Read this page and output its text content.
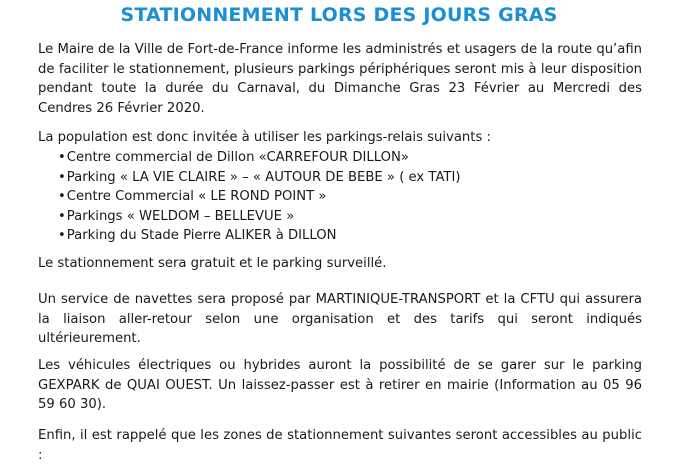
STATIONNEMENT LORS DES JOURS GRAS

Le Maire de la Ville de Fort-de-France informe les administrés et usagers de la route qu’afin de faciliter le stationnement, plusieurs parkings périphériques seront mis à leur disposition pendant toute la durée du Carnaval, du Dimanche Gras 23 Février au Mercredi des Cendres 26 Février 2020.

La population est donc invitée à utiliser les parkings-relais suivants :

•Centre commercial de Dillon «CARREFOUR DILLON»
•Parking « LA VIE CLAIRE » – « AUTOUR DE BEBE » ( ex TATI)
•Centre Commercial « LE ROND POINT »
•Parkings « WELDOM – BELLEVUE »
•Parking du Stade Pierre ALIKER à DILLON

Le stationnement sera gratuit et le parking surveillé.

Un service de navettes sera proposé par MARTINIQUE-TRANSPORT et la CFTU qui assurera la liaison aller-retour selon une organisation et des tarifs qui seront indiqués ultérieurement.

Les véhicules électriques ou hybrides auront la possibilité de se garer sur le parking GEXPARK de QUAI OUEST. Un laissez-passer est à retirer en mairie (Information au 05 96 59 60 30).

Enfin, il est rappelé que les zones de stationnement suivantes seront accessibles au public :
